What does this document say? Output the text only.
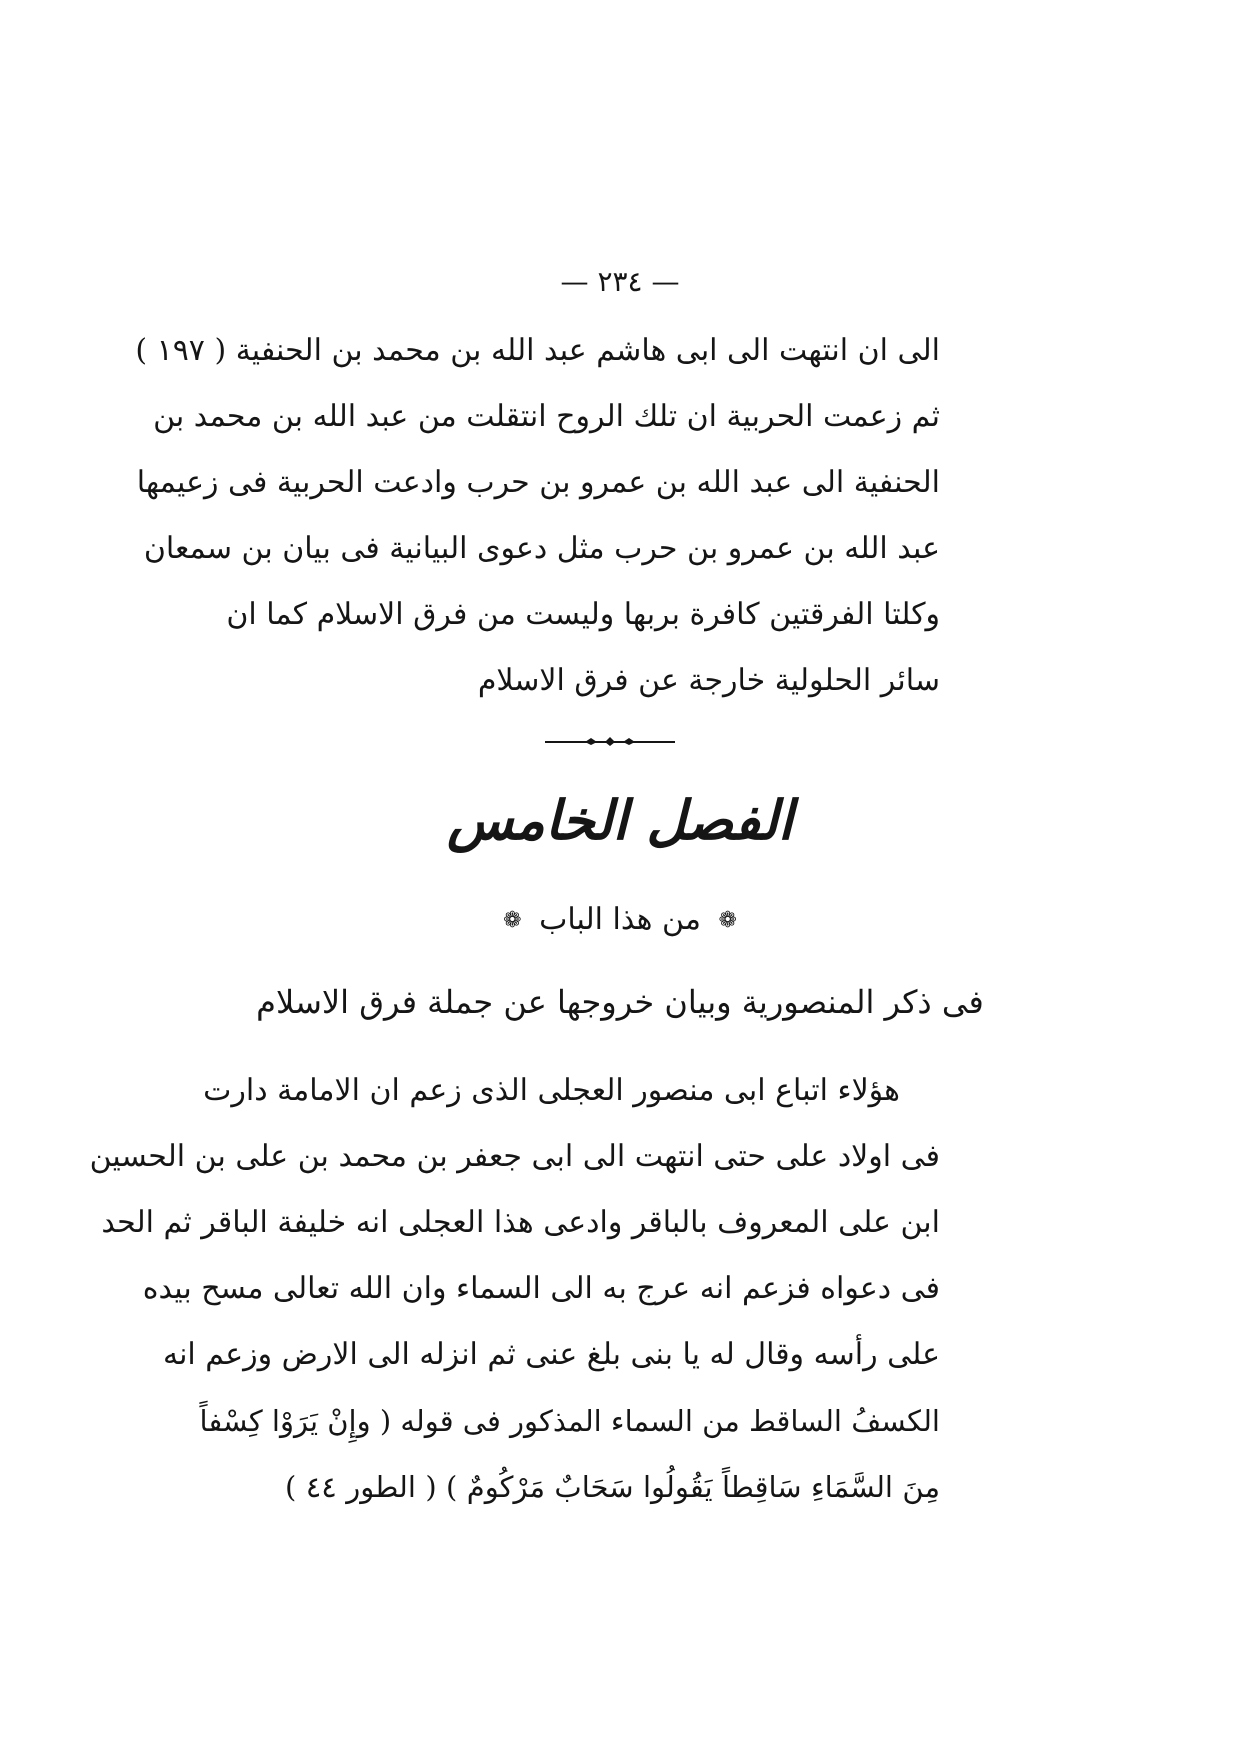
— ٢٣٤ —
الى ان انتهت الى ابى هاشم عبد الله بن محمد بن الحنفية ( ١٩٧ )
ثم زعمت الحربية ان تلك الروح انتقلت من عبد الله بن محمد بن
الحنفية الى عبد الله بن عمرو بن حرب وادعت الحربية فى زعيمها
عبد الله بن عمرو بن حرب مثل دعوى البيانية فى بيان بن سمعان
وكلتا الفرقتين كافرة بربها وليست من فرق الاسلام كما ان
سائر الحلولية خارجة عن فرق الاسلام
الفصل الخامس
❁ من هذا الباب ❁
فى ذكر المنصورية وبيان خروجها عن جملة فرق الاسلام
هؤلاء اتباع ابى منصور العجلى الذى زعم ان الامامة دارت
فى اولاد على حتى انتهت الى ابى جعفر بن محمد بن على بن الحسين
ابن على المعروف بالباقر وادعى هذا العجلى انه خليفة الباقر ثم الحد
فى دعواه فزعم انه عرج به الى السماء وان الله تعالى مسح بيده
على رأسه وقال له يا بنى بلغ عنى ثم انزله الى الارض وزعم انه
الكسفُ الساقط من السماء المذكور فى قوله ( وإِنْ يَرَوْا كِسْفاً
مِنَ السَّمَاءِ سَاقِطاً يَقُولُوا سَحَابٌ مَرْكُومٌ ) ( الطور ٤٤ )
